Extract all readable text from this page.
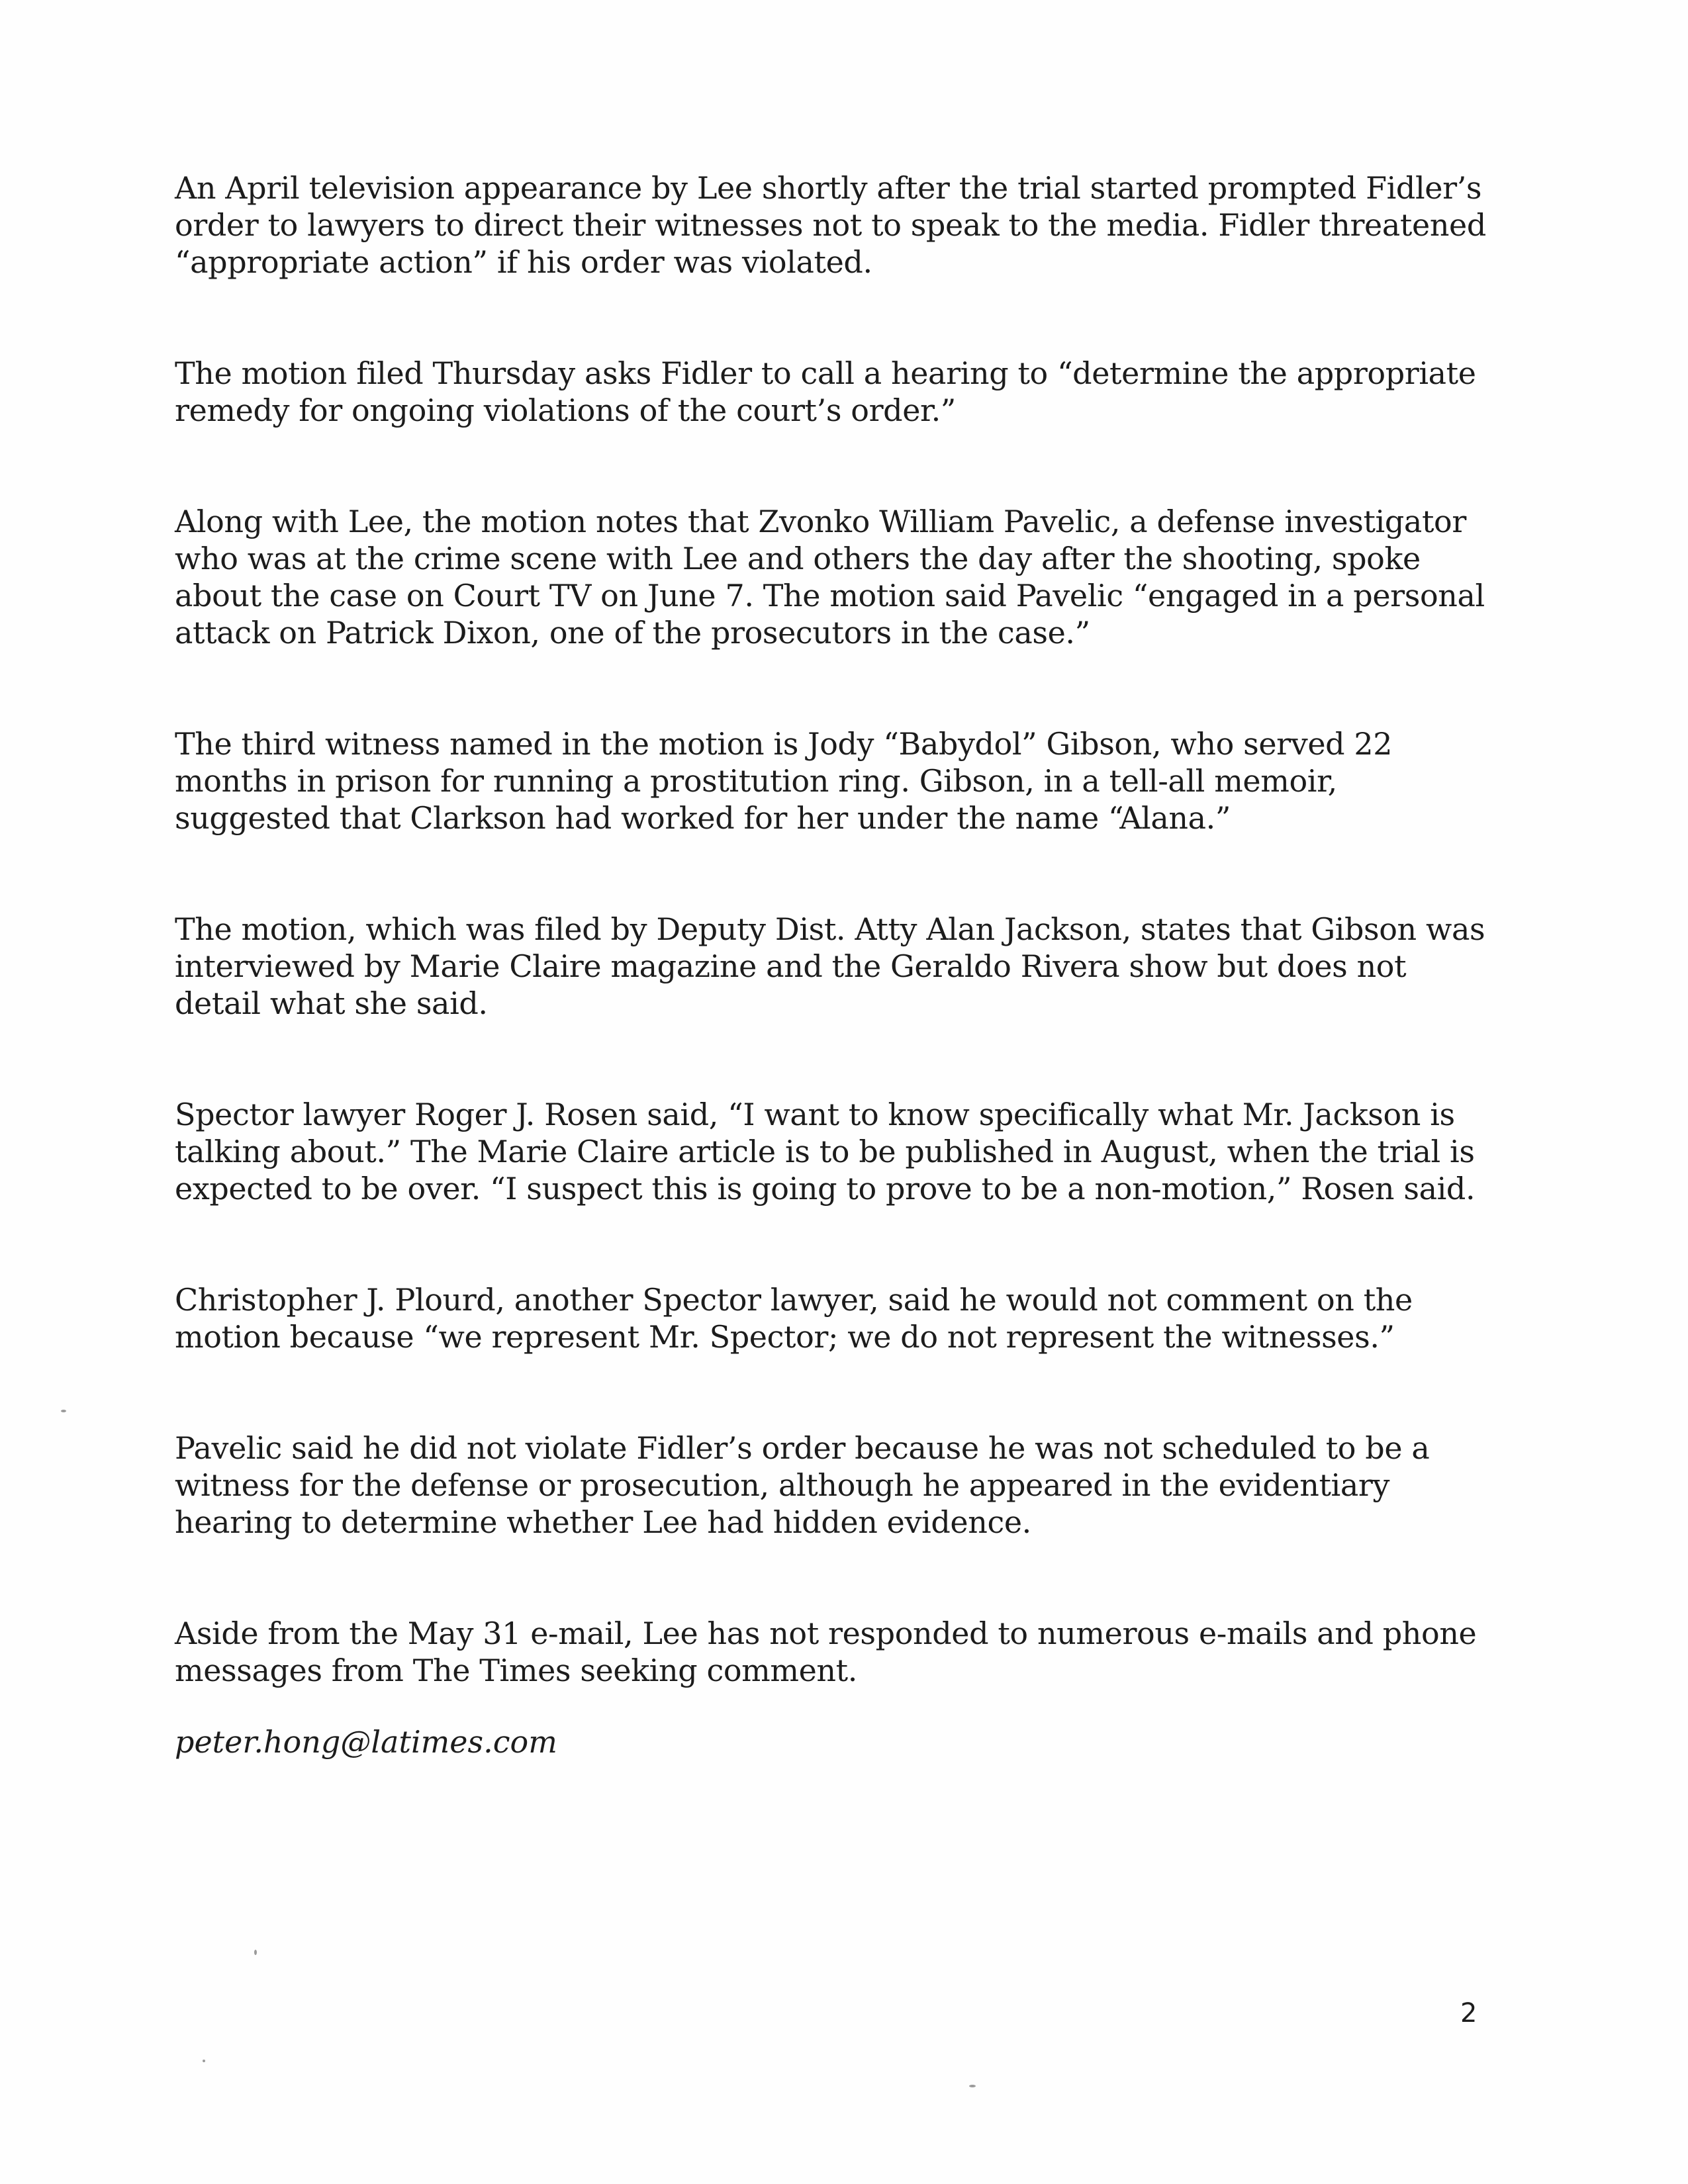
An April television appearance by Lee shortly after the trial started prompted Fidler’s order to lawyers to direct their witnesses not to speak to the media. Fidler threatened “appropriate action” if his order was violated.

The motion filed Thursday asks Fidler to call a hearing to “determine the appropriate remedy for ongoing violations of the court’s order.”

Along with Lee, the motion notes that Zvonko William Pavelic, a defense investigator who was at the crime scene with Lee and others the day after the shooting, spoke about the case on Court TV on June 7. The motion said Pavelic “engaged in a personal attack on Patrick Dixon, one of the prosecutors in the case.”

The third witness named in the motion is Jody “Babydol” Gibson, who served 22 months in prison for running a prostitution ring. Gibson, in a tell-all memoir, suggested that Clarkson had worked for her under the name “Alana.”

The motion, which was filed by Deputy Dist. Atty Alan Jackson, states that Gibson was interviewed by Marie Claire magazine and the Geraldo Rivera show but does not detail what she said.

Spector lawyer Roger J. Rosen said, “I want to know specifically what Mr. Jackson is talking about.” The Marie Claire article is to be published in August, when the trial is expected to be over. “I suspect this is going to prove to be a non-motion,” Rosen said.

Christopher J. Plourd, another Spector lawyer, said he would not comment on the motion because “we represent Mr. Spector; we do not represent the witnesses.”

Pavelic said he did not violate Fidler’s order because he was not scheduled to be a witness for the defense or prosecution, although he appeared in the evidentiary hearing to determine whether Lee had hidden evidence.

Aside from the May 31 e-mail, Lee has not responded to numerous e-mails and phone messages from The Times seeking comment.

peter.hong@latimes.com

2
